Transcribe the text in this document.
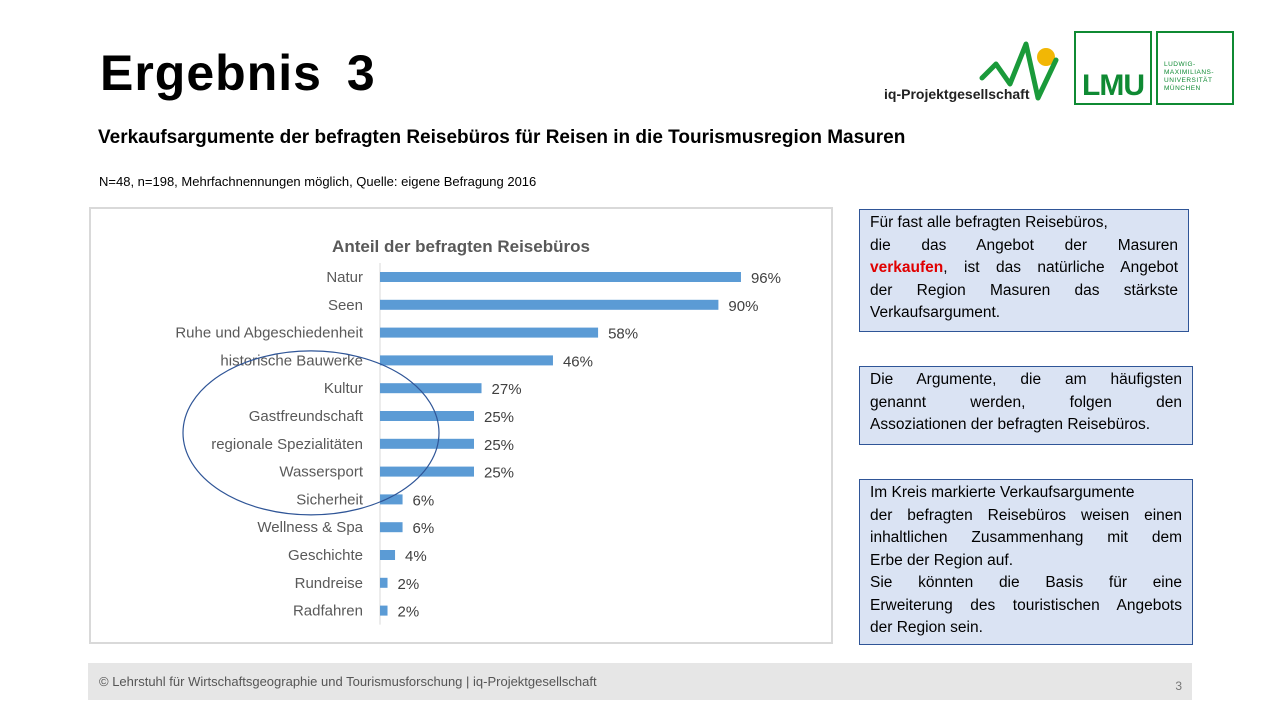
Ergebnis 3
Verkaufsargumente der befragten Reisebüros für Reisen in die Tourismusregion Masuren
N=48, n=198, Mehrfachnennungen möglich, Quelle: eigene Befragung 2016
iq-Projektgesellschaft LMU
LUDWIG-
MAXIMILIANS-
UNIVERSITÄT
MÜNCHEN
Anteil der befragten Reisebüros
Natur	96%
Seen	90%
Ruhe und Abgeschiedenheit	58%
historische Bauwerke	46%
Kultur	27%
Gastfreundschaft	25%
regionale Spezialitäten	25%
Wassersport	25%
Sicherheit	6%
Wellness & Spa	6%
Geschichte	4%
Rundreise 2%
Radfahren 2%
Für fast alle befragten Reisebüros,
die das Angebot der Masuren
verkaufen, ist das natürliche Angebot
der Region Masuren das stärkste
Verkaufsargument.
Die Argumente, die am häufigsten
genannt werden, folgen den
Assoziationen der befragten Reisebüros.
Im Kreis markierte Verkaufsargumente
der befragten Reisebüros weisen einen
inhaltlichen Zusammenhang mit dem
Erbe der Region auf.
Sie könnten die Basis für eine
Erweiterung des touristischen Angebots
der Region sein.
© Lehrstuhl für Wirtschaftsgeographie und Tourismusforschung | iq-Projektgesellschaft	3
